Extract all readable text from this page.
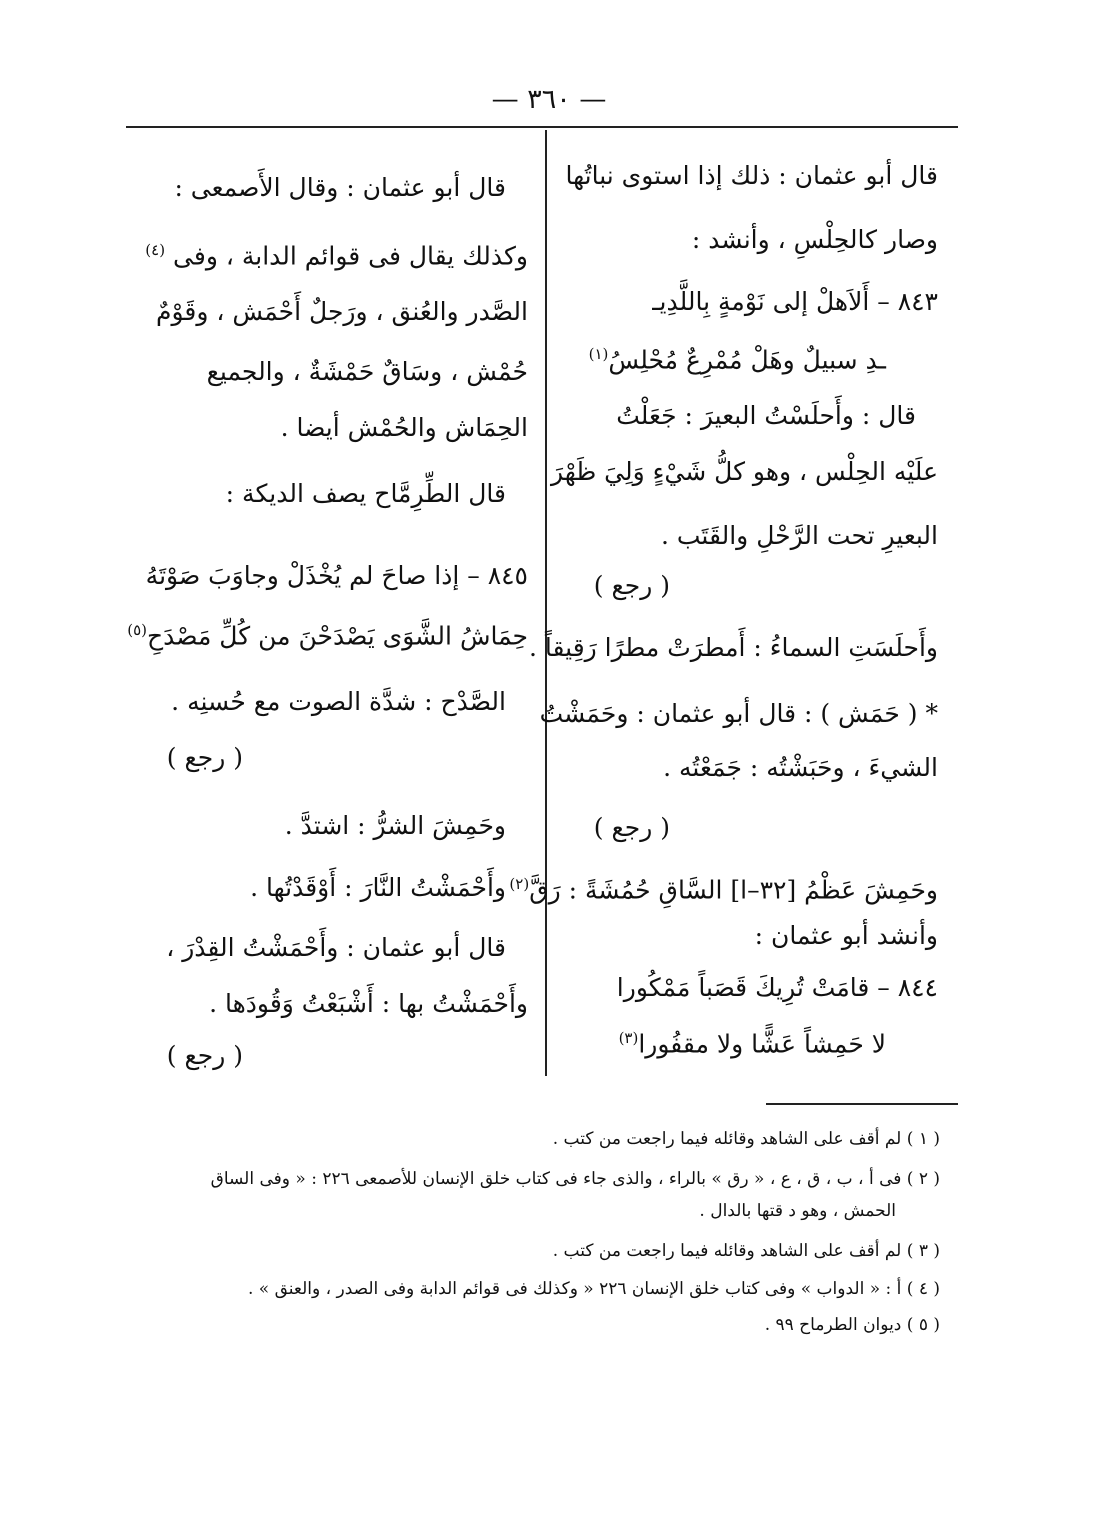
— ٣٦٠ —
قال أبو عثمان : ذلك إذا استوى نباتُها
وصار كالحِلْسِ ، وأنشد :
٨٤٣ – أَلاَهلْ إلى نَوْمةٍ بِاللَّدِيـ
ـدِ سبيلٌ وهَلْ مُمْرِعٌ مُحْلِسُ$^{(١)}$
قال : وأَحلَسْتُ البعيرَ : جَعَلْتُ
علَيْه الحِلْس ، وهو كلُّ شَيْءٍ وَلِيَ ظَهْرَ
البعيرِ تحت الرَّحْلِ والقَتَب .
( رجع )
وأَحلَسَتِ السماءُ : أَمطرَتْ مطرًا رَقِيقاً .
* ( حَمَش ) : قال أبو عثمان : وحَمَشْتُ
الشيءَ ، وحَبَشْتُه : جَمَعْتُه .
( رجع )
وحَمِشَ عَظْمُ [٣٢–ا] السَّاقِ حُمُشَةً : رَقَّ$^{(٢)}$
وأنشد أبو عثمان :
٨٤٤ – قامَتْ تُرِيكَ قَصَباً مَمْكُورا
لا حَمِشاً عَشًّا ولا مقفُورا$^{(٣)}$
قال أبو عثمان : وقال الأَصمعى :
وكذلك يقال فى قوائم الدابة ، وفى $^{(٤)}$
الصَّدر والعُنق ، ورَجلٌ أَحْمَش ، وقَوْمٌ
حُمْش ، وسَاقٌ حَمْشَةٌ ، والجميع
الحِمَاش والحُمْش أيضا .
قال الطِّرِمَّاح يصف الديكة :
٨٤٥ – إذا صاحَ لم يُخْذَلْ وجاوَبَ صَوْتَهُ
حِمَاشُ الشَّوَى يَصْدَحْنَ من كُلِّ مَصْدَحِ$^{(٥)}$
الصَّدْح : شدَّة الصوت مع حُسنِه .
( رجع )
وحَمِشَ الشرُّ : اشتدَّ .
وأَحْمَشْتُ النَّارَ : أَوْقَدْتُها .
قال أبو عثمان : وأَحْمَشْتُ القِدْرَ ،
وأَحْمَشْتُ بها : أَشْبَعْتُ وَقُودَها .
( رجع )
( ١ ) لم أقف على الشاهد وقائله فيما راجعت من كتب .
( ٢ ) فى أ ، ب ، ق ، ع ، « رق » بالراء ، والذى جاء فى كتاب خلق الإنسان للأصمعى ٢٢٦ : « وفى الساق
الحمش ، وهو د قتها بالدال .
( ٣ ) لم أقف على الشاهد وقائله فيما راجعت من كتب .
( ٤ ) أ : « الدواب » وفى كتاب خلق الإنسان ٢٢٦ « وكذلك فى قوائم الدابة وفى الصدر ، والعنق » .
( ٥ ) ديوان الطرماح ٩٩ .
